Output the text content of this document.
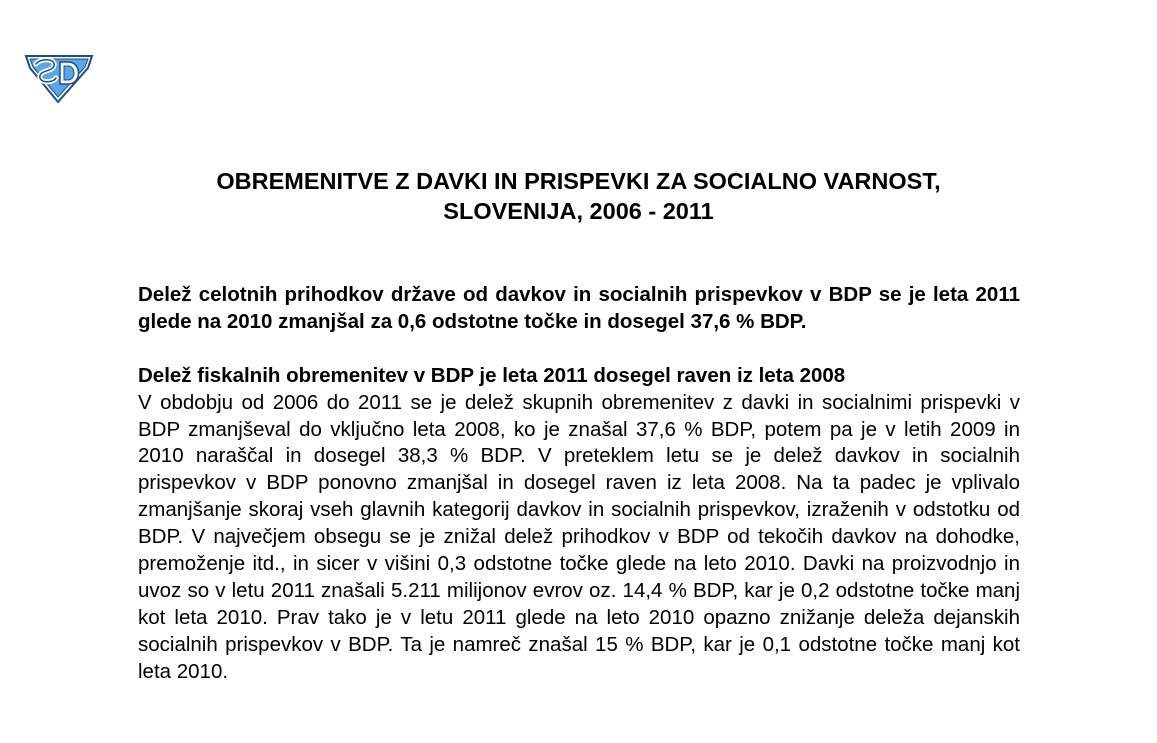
OBREMENITVE Z DAVKI IN PRISPEVKI ZA SOCIALNO VARNOST,
SLOVENIJA, 2006 - 2011

Delež celotnih prihodkov države od davkov in socialnih prispevkov v BDP se je leta 2011 glede na 2010 zmanjšal za 0,6 odstotne točke in dosegel 37,6 % BDP.

Delež fiskalnih obremenitev v BDP je leta 2011 dosegel raven iz leta 2008

V obdobju od 2006 do 2011 se je delež skupnih obremenitev z davki in socialnimi prispevki v BDP zmanjševal do vključno leta 2008, ko je znašal 37,6 % BDP, potem pa je v letih 2009 in 2010 naraščal in dosegel 38,3 % BDP. V preteklem letu se je delež davkov in socialnih prispevkov v BDP ponovno zmanjšal in dosegel raven iz leta 2008. Na ta padec je vplivalo zmanjšanje skoraj vseh glavnih kategorij davkov in socialnih prispevkov, izraženih v odstotku od BDP. V največjem obsegu se je znižal delež prihodkov v BDP od tekočih davkov na dohodke, premoženje itd., in sicer v višini 0,3 odstotne točke glede na leto 2010. Davki na proizvodnjo in uvoz so v letu 2011 znašali 5.211 milijonov evrov oz. 14,4 % BDP, kar je 0,2 odstotne točke manj kot leta 2010. Prav tako je v letu 2011 glede na leto 2010 opazno znižanje deleža dejanskih socialnih prispevkov v BDP. Ta je namreč znašal 15 % BDP, kar je 0,1 odstotne točke manj kot leta 2010.
